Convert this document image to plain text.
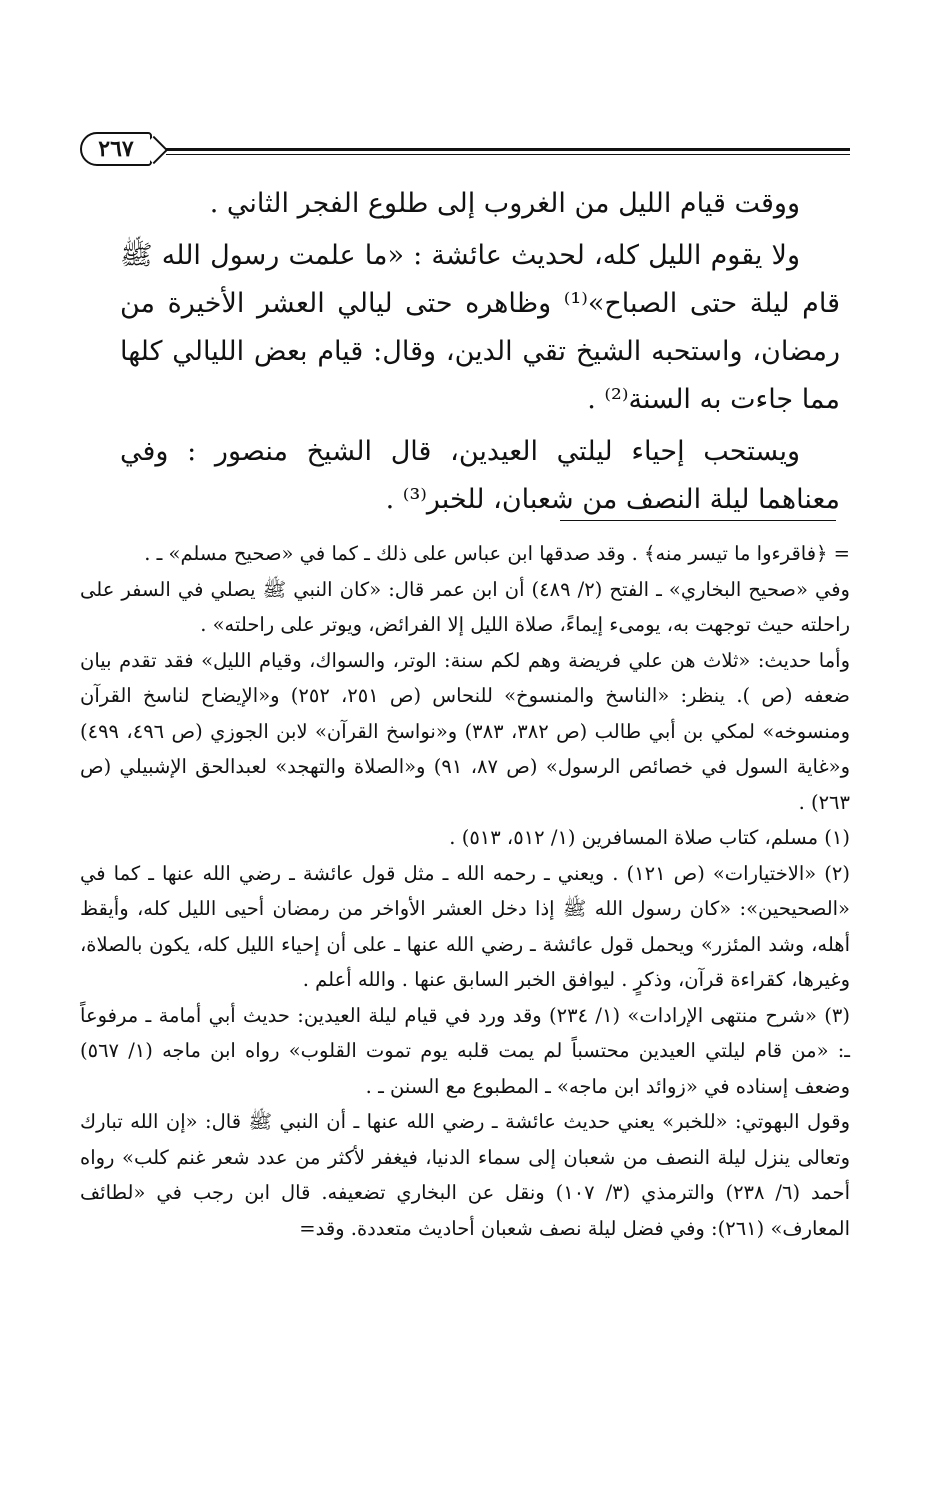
٢٦٧

ووقت قيام الليل من الغروب إلى طلوع الفجر الثاني .

ولا يقوم الليل كله، لحديث عائشة : «ما علمت رسول الله ﷺ قام ليلة حتى الصباح»⁽¹⁾ وظاهره حتى ليالي العشر الأخيرة من رمضان، واستحبه الشيخ تقي الدين، وقال: قيام بعض الليالي كلها مما جاءت به السنة⁽²⁾ .

ويستحب إحياء ليلتي العيدين، قال الشيخ منصور : وفي معناهما ليلة النصف من شعبان، للخبر⁽³⁾ .

= ﴿فاقرءوا ما تيسر منه﴾ . وقد صدقها ابن عباس على ذلك ـ كما في «صحيح مسلم» ـ .

وفي «صحيح البخاري» ـ الفتح (٢/ ٤٨٩) أن ابن عمر قال: «كان النبي ﷺ يصلي في السفر على راحلته حيث توجهت به، يومىء إيماءً، صلاة الليل إلا الفرائض، ويوتر على راحلته» .

وأما حديث: «ثلاث هن علي فريضة وهم لكم سنة: الوتر، والسواك، وقيام الليل» فقد تقدم بيان ضعفه (ص ). ينظر: «الناسخ والمنسوخ» للنحاس (ص ٢٥١، ٢٥٢) و«الإيضاح لناسخ القرآن ومنسوخه» لمكي بن أبي طالب (ص ٣٨٢، ٣٨٣) و«نواسخ القرآن» لابن الجوزي (ص ٤٩٦، ٤٩٩) و«غاية السول في خصائص الرسول» (ص ٨٧، ٩١) و«الصلاة والتهجد» لعبدالحق الإشبيلي (ص ٢٦٣) .

(١) مسلم، كتاب صلاة المسافرين (١/ ٥١٢، ٥١٣) .

(٢) «الاختيارات» (ص ١٢١) . ويعني ـ رحمه الله ـ مثل قول عائشة ـ رضي الله عنها ـ كما في «الصحيحين»: «كان رسول الله ﷺ إذا دخل العشر الأواخر من رمضان أحيى الليل كله، وأيقظ أهله، وشد المئزر» ويحمل قول عائشة ـ رضي الله عنها ـ على أن إحياء الليل كله، يكون بالصلاة، وغيرها، كقراءة قرآن، وذكرٍ . ليوافق الخبر السابق عنها . والله أعلم .

(٣) «شرح منتهى الإرادات» (١/ ٢٣٤) وقد ورد في قيام ليلة العيدين: حديث أبي أمامة ـ مرفوعاً ـ: «من قام ليلتي العيدين محتسباً لم يمت قلبه يوم تموت القلوب» رواه ابن ماجه (١/ ٥٦٧) وضعف إسناده في «زوائد ابن ماجه» ـ المطبوع مع السنن ـ .

وقول البهوتي: «للخبر» يعني حديث عائشة ـ رضي الله عنها ـ أن النبي ﷺ قال: «إن الله تبارك وتعالى ينزل ليلة النصف من شعبان إلى سماء الدنيا، فيغفر لأكثر من عدد شعر غنم كلب» رواه أحمد (٦/ ٢٣٨) والترمذي (٣/ ١٠٧) ونقل عن البخاري تضعيفه. قال ابن رجب في «لطائف المعارف» (٢٦١): وفي فضل ليلة نصف شعبان أحاديث متعددة. وقد=
